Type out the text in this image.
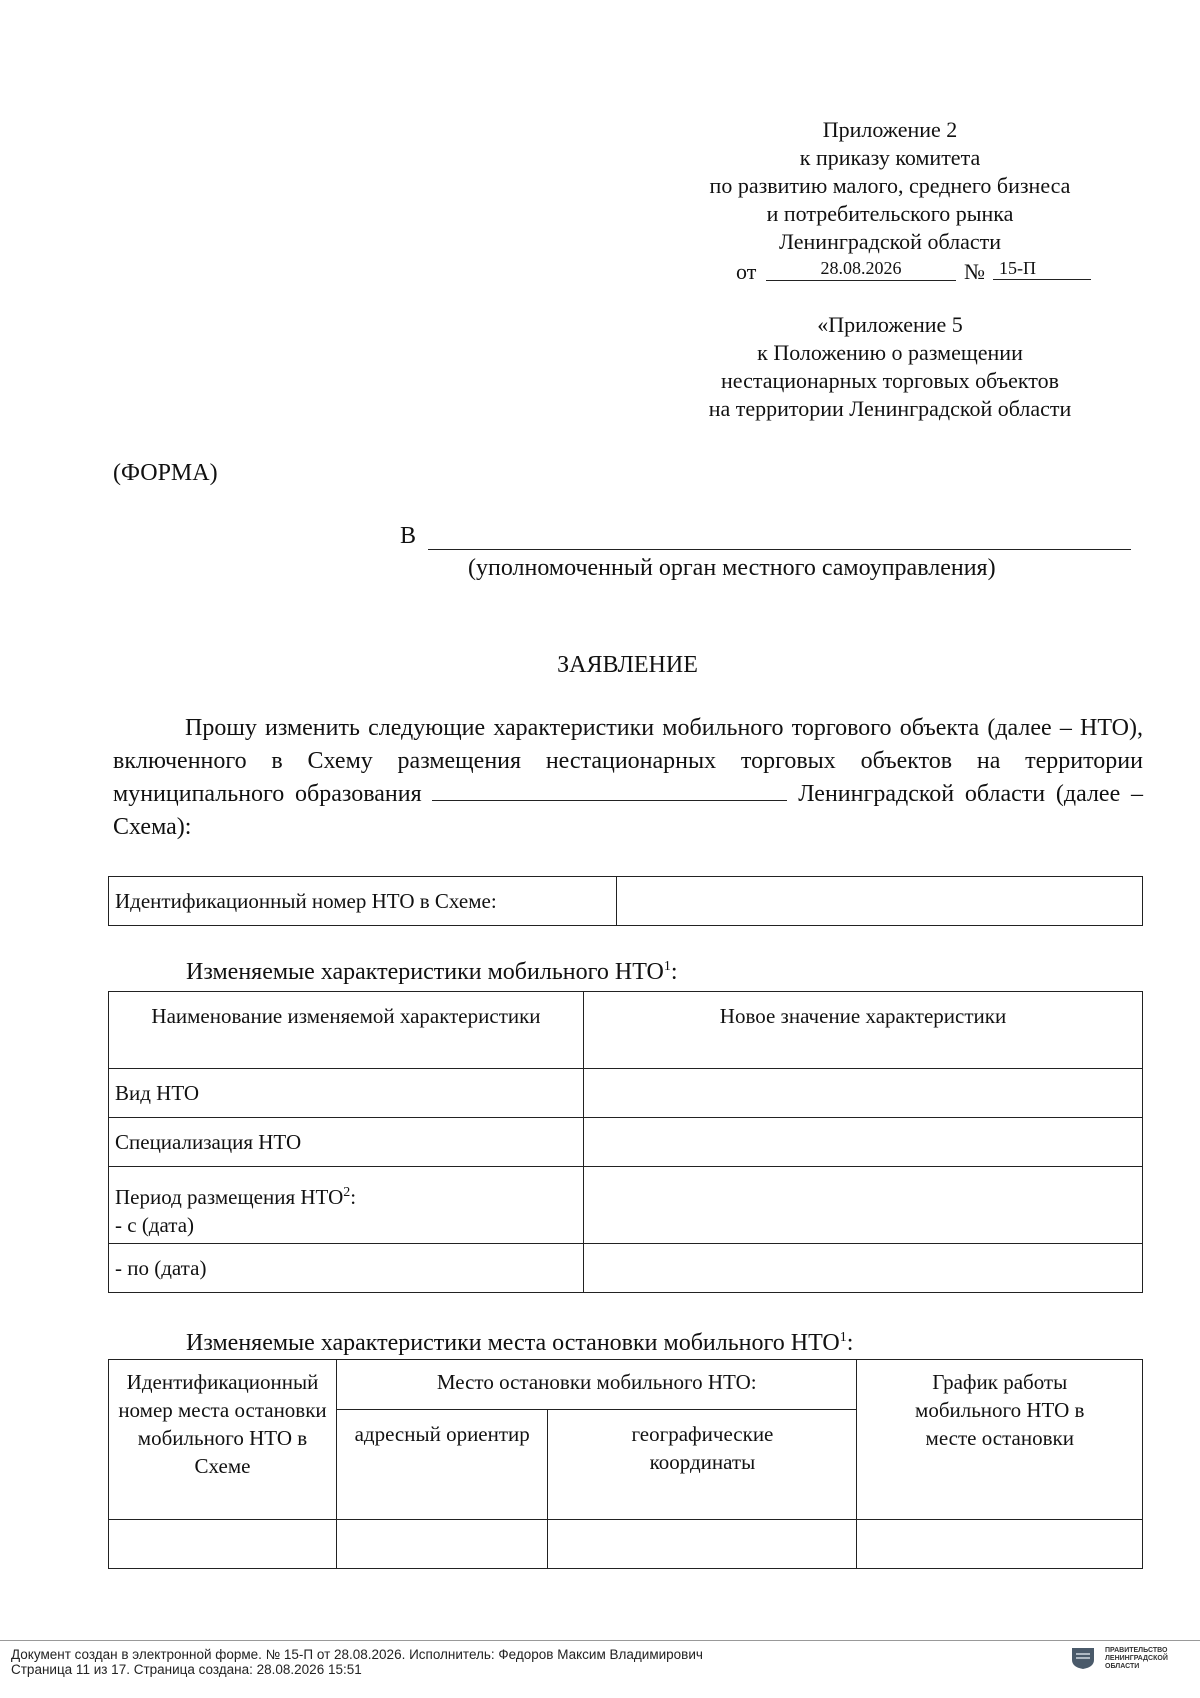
Приложение 2
к приказу комитета
по развитию малого, среднего бизнеса
и потребительского рынка
Ленинградской области
от	28.08.2026	№ 15-П
«Приложение 5
к Положению о размещении
нестационарных торговых объектов
на территории Ленинградской области
(ФОРМА)
В
(уполномоченный орган местного самоуправления)
ЗАЯВЛЕНИЕ
Прошу изменить следующие характеристики мобильного торгового объекта (далее – НТО), включенного в Схему размещения нестационарных торговых объектов на территории муниципального образования	Ленинградской области (далее – Схема):
Идентификационный номер НТО в Схеме:	
Изменяемые характеристики мобильного НТО$^1$:
Наименование изменяемой характеристики	Новое значение характеристики
Вид НТО	
Специализация НТО	
Период размещения НТО$^2$:
- с (дата)	
- по (дата)	
Изменяемые характеристики места остановки мобильного НТО$^1$:
Идентификационный номер места остановки мобильного НТО в Схеме	Место остановки мобильного НТО:		График работы мобильного НТО в месте остановки
	адресный ориентир	географические координаты	

Документ создан в электронной форме. № 15-П от 28.08.2026. Исполнитель: Федоров Максим Владимирович
Страница 11 из 17. Страница создана: 28.08.2026 15:51
ПРАВИТЕЛЬСТВО ЛЕНИНГРАДСКОЙ ОБЛАСТИ
